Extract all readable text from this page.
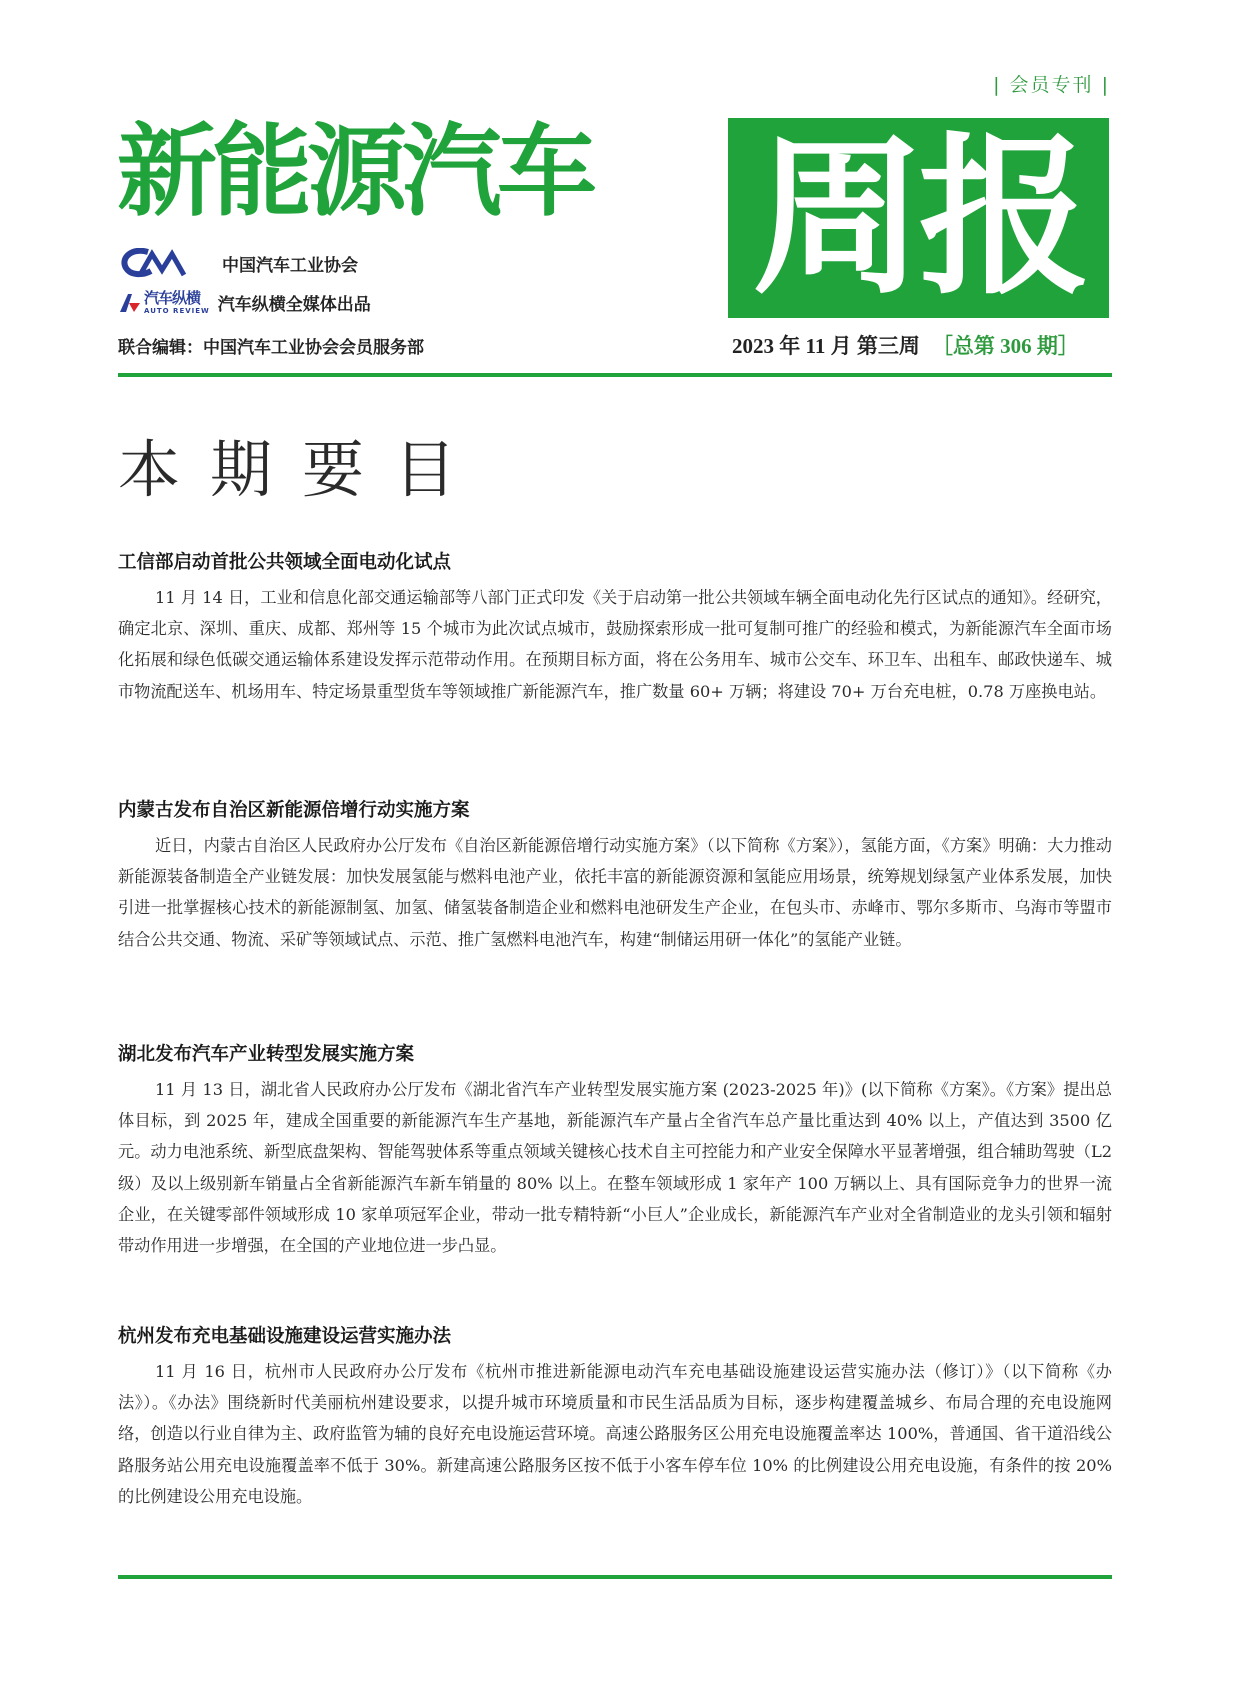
| 会员专刊 |
新能源汽车 周报
中国汽车工业协会
汽车纵横
AUTO REVIEW 汽车纵横全媒体出品
联合编辑：中国汽车工业协会会员服务部	2023 年 11 月 第三周 ［总第 306 期］
本期要目
工信部启动首批公共领域全面电动化试点

11 月 14 日，工业和信息化部交通运输部等八部门正式印发《关于启动第一批公共领域车辆全面电动化先行区试点的通知》。经研究，确定北京、深圳、重庆、成都、郑州等 15 个城市为此次试点城市，鼓励探索形成一批可复制可推广的经验和模式，为新能源汽车全面市场化拓展和绿色低碳交通运输体系建设发挥示范带动作用。在预期目标方面，将在公务用车、城市公交车、环卫车、出租车、邮政快递车、城市物流配送车、机场用车、特定场景重型货车等领域推广新能源汽车，推广数量 60+ 万辆；将建设 70+ 万台充电桩，0.78 万座换电站。

内蒙古发布自治区新能源倍增行动实施方案

近日，内蒙古自治区人民政府办公厅发布《自治区新能源倍增行动实施方案》（以下简称《方案》），氢能方面，《方案》明确：大力推动新能源装备制造全产业链发展：加快发展氢能与燃料电池产业，依托丰富的新能源资源和氢能应用场景，统筹规划绿氢产业体系发展，加快引进一批掌握核心技术的新能源制氢、加氢、储氢装备制造企业和燃料电池研发生产企业，在包头市、赤峰市、鄂尔多斯市、乌海市等盟市结合公共交通、物流、采矿等领域试点、示范、推广氢燃料电池汽车，构建“制储运用研一体化”的氢能产业链。

湖北发布汽车产业转型发展实施方案

11 月 13 日，湖北省人民政府办公厅发布《湖北省汽车产业转型发展实施方案 (2023-2025 年)》(以下简称《方案》。《方案》提出总体目标，到 2025 年，建成全国重要的新能源汽车生产基地，新能源汽车产量占全省汽车总产量比重达到 40% 以上，产值达到 3500 亿元。动力电池系统、新型底盘架构、智能驾驶体系等重点领域关键核心技术自主可控能力和产业安全保障水平显著增强，组合辅助驾驶（L2 级）及以上级别新车销量占全省新能源汽车新车销量的 80% 以上。在整车领域形成 1 家年产 100 万辆以上、具有国际竞争力的世界一流企业，在关键零部件领域形成 10 家单项冠军企业，带动一批专精特新“小巨人”企业成长，新能源汽车产业对全省制造业的龙头引领和辐射带动作用进一步增强，在全国的产业地位进一步凸显。

杭州发布充电基础设施建设运营实施办法

11 月 16 日，杭州市人民政府办公厅发布《杭州市推进新能源电动汽车充电基础设施建设运营实施办法（修订）》（以下简称《办法》）。《办法》围绕新时代美丽杭州建设要求，以提升城市环境质量和市民生活品质为目标，逐步构建覆盖城乡、布局合理的充电设施网络，创造以行业自律为主、政府监管为辅的良好充电设施运营环境。高速公路服务区公用充电设施覆盖率达 100%，普通国、省干道沿线公路服务站公用充电设施覆盖率不低于 30%。新建高速公路服务区按不低于小客车停车位 10% 的比例建设公用充电设施，有条件的按 20% 的比例建设公用充电设施。
